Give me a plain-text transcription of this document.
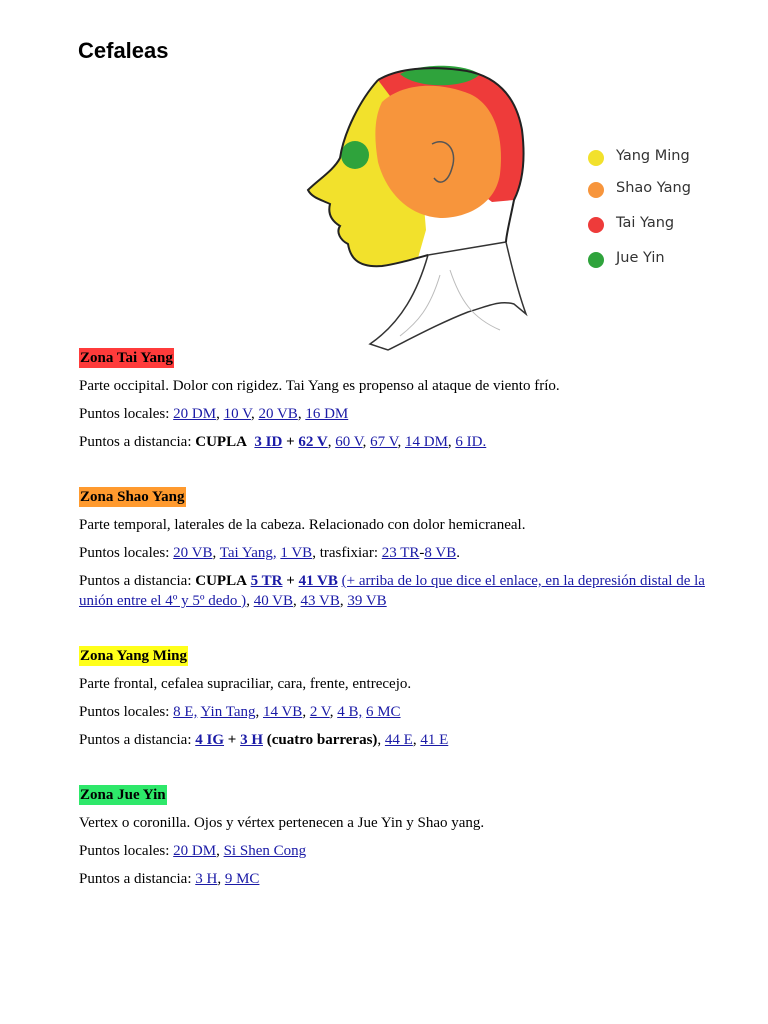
Cefaleas
Yang Ming
Shao Yang
Tai Yang
Jue Yin
Zona Tai Yang

Parte occipital. Dolor con rigidez. Tai Yang es propenso al ataque de viento frío.

Puntos locales: 20 DM, 10 V, 20 VB, 16 DM

Puntos a distancia: CUPLA 3 ID + 62 V, 60 V, 67 V, 14 DM, 6 ID.

Zona Shao Yang

Parte temporal, laterales de la cabeza. Relacionado con dolor hemicraneal.

Puntos locales: 20 VB, Tai Yang, 1 VB, trasfixiar: 23 TR-8 VB.

Puntos a distancia: CUPLA 5 TR + 41 VB (+ arriba de lo que dice el enlace, en la depresión distal de la unión entre el 4º y 5º dedo ), 40 VB, 43 VB, 39 VB

Zona Yang Ming

Parte frontal, cefalea supraciliar, cara, frente, entrecejo.

Puntos locales: 8 E, Yin Tang, 14 VB, 2 V, 4 B, 6 MC

Puntos a distancia: 4 IG + 3 H (cuatro barreras), 44 E, 41 E

Zona Jue Yin

Vertex o coronilla. Ojos y vértex pertenecen a Jue Yin y Shao yang.

Puntos locales: 20 DM, Si Shen Cong

Puntos a distancia: 3 H, 9 MC
